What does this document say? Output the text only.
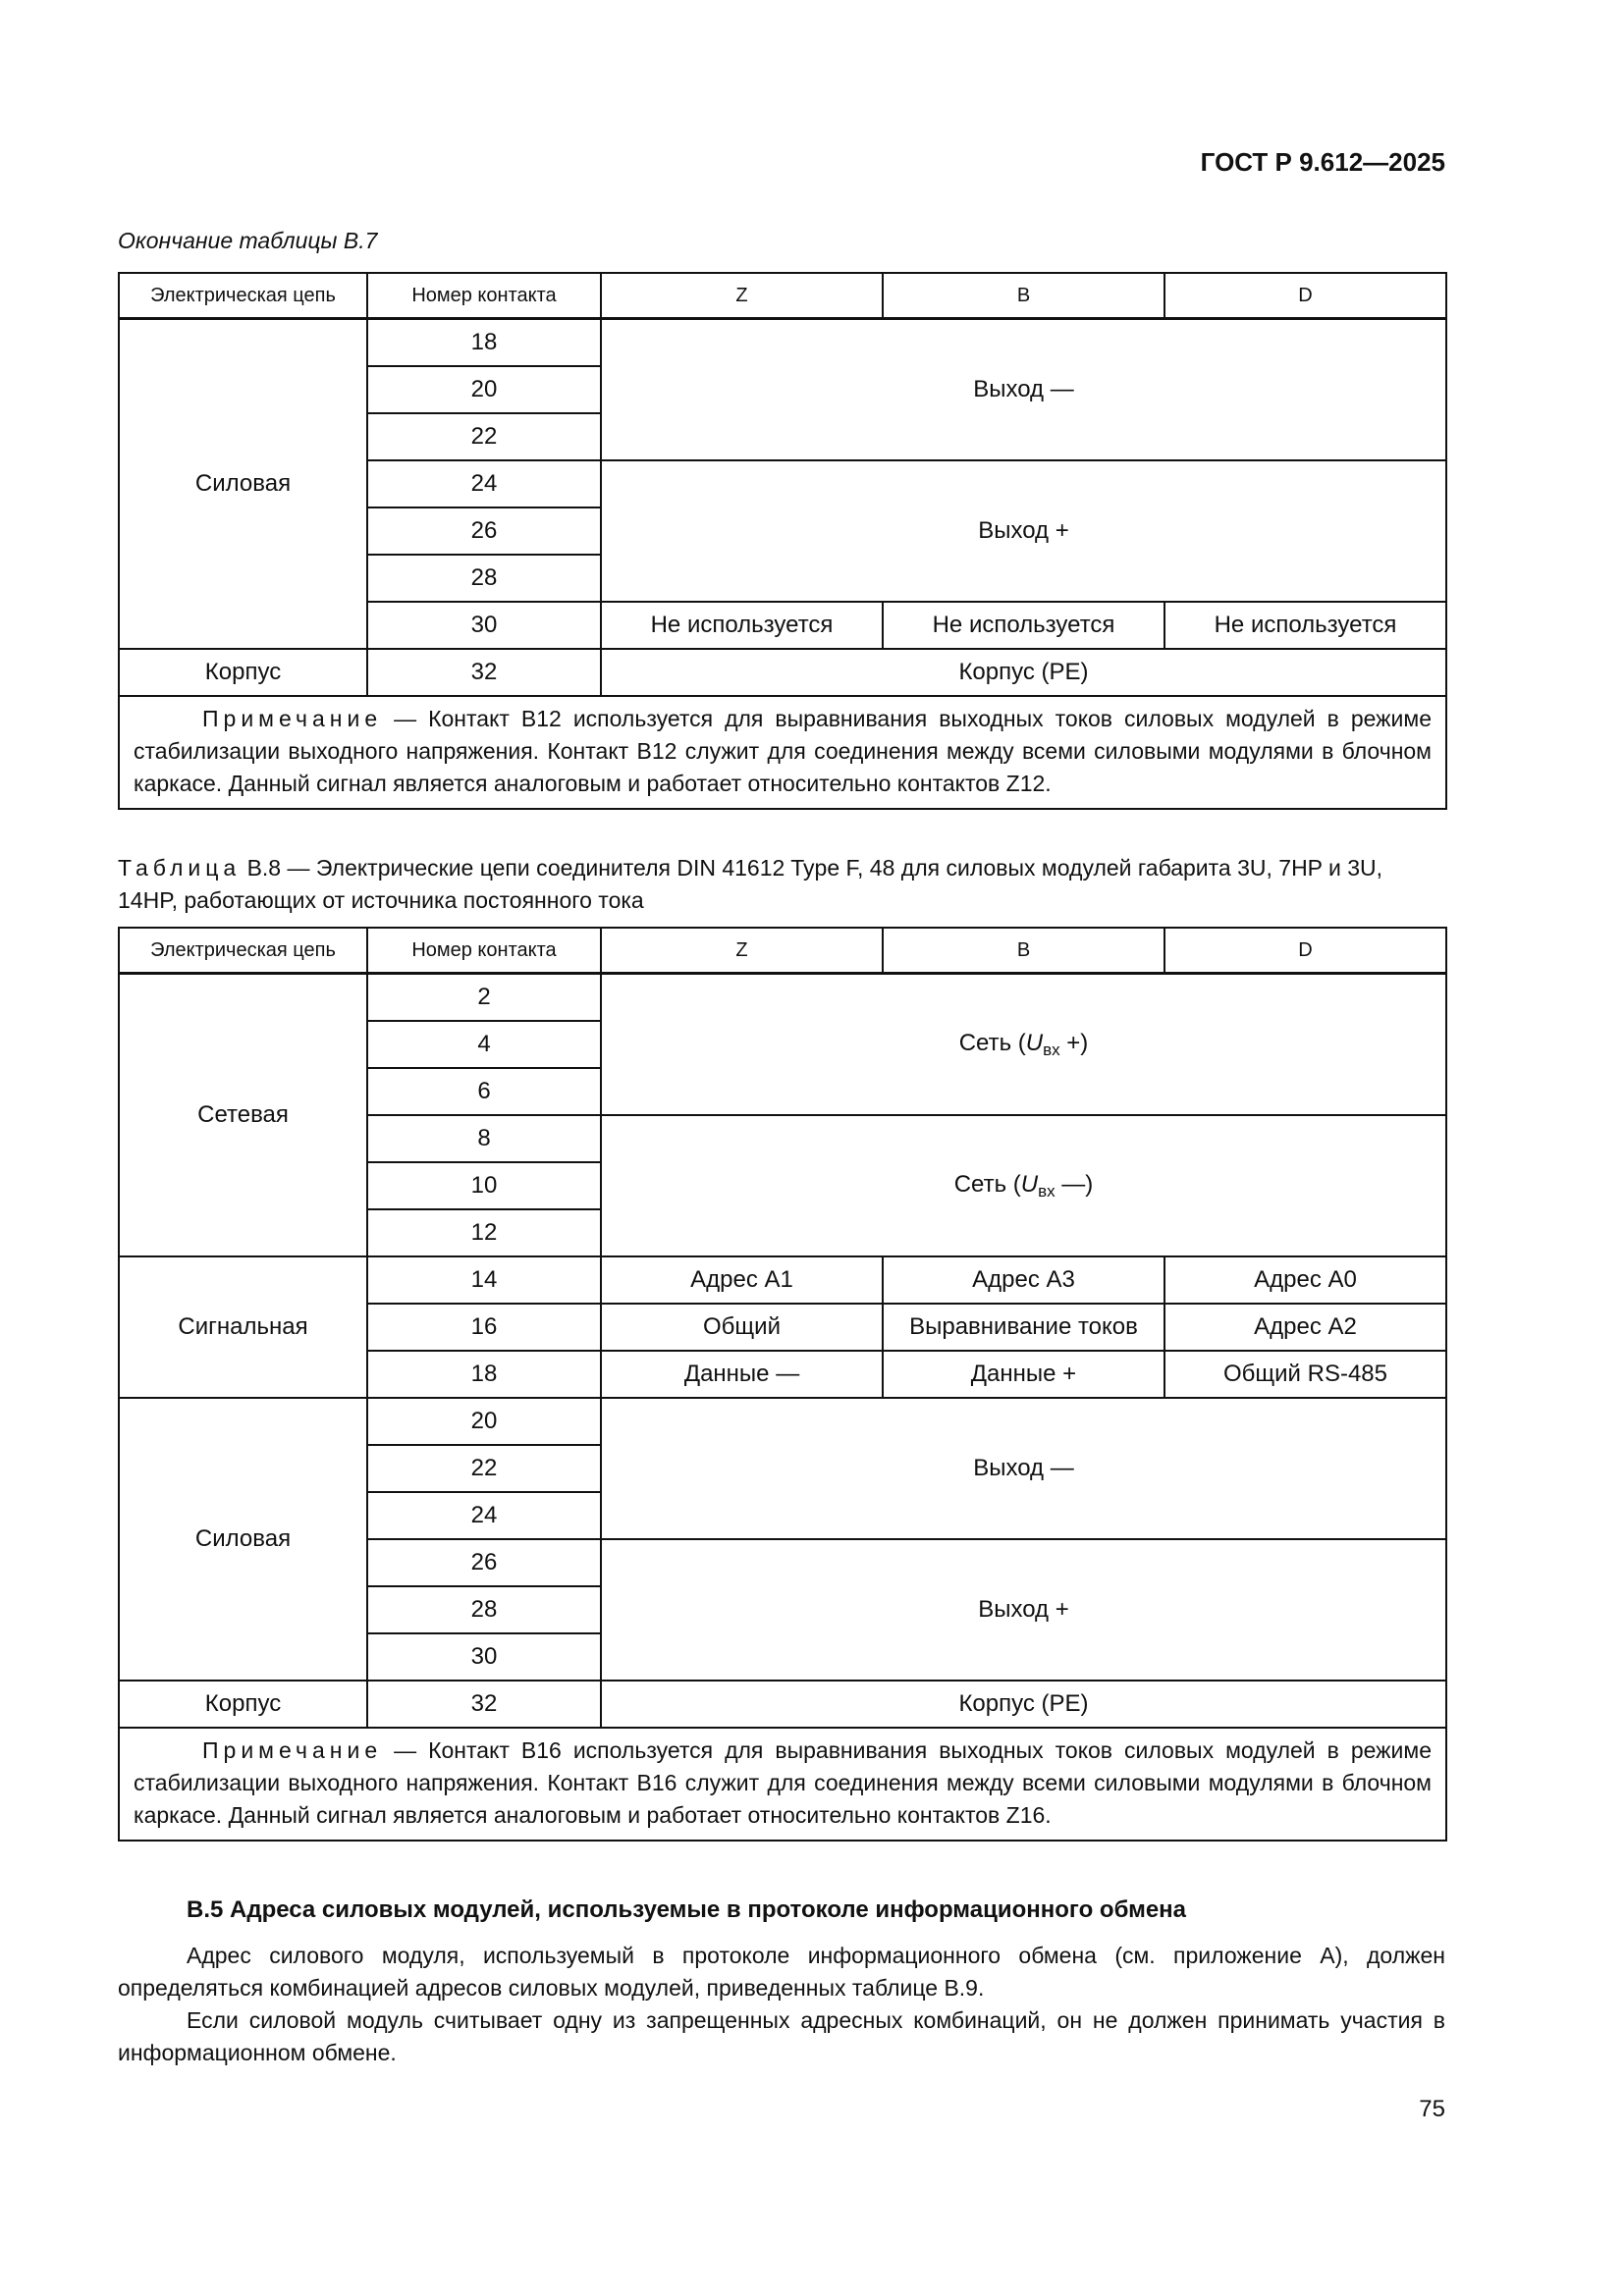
ГОСТ Р 9.612—2025
Окончание таблицы В.7
Электрическая цепь	Номер контакта	Z	B	D
Силовая	18	Выход —		
	20			
	22			
	24	Выход +		
	26			
	28			
	30	Не используется	Не используется	Не используется
Корпус	32	Корпус (PE)		
Примечание — Контакт В12 используется для выравнивания выходных токов силовых модулей в режиме стабилизации выходного напряжения. Контакт В12 служит для соединения между всеми силовыми модулями в блочном каркасе. Данный сигнал является аналоговым и работает относительно контактов Z12.				
Таблица В.8 — Электрические цепи соединителя DIN 41612 Type F, 48 для силовых модулей габарита 3U, 7HP и 3U, 14HP, работающих от источника постоянного тока
Электрическая цепь	Номер контакта	Z	B	D
Сетевая	2	Сеть ($U_{вх}$ +)		
	4			
	6			
	8	Сеть ($U_{вх}$ —)		
	10			
	12			
Сигнальная	14	Адрес А1	Адрес А3	Адрес А0
	16	Общий	Выравнивание токов	Адрес А2
	18	Данные —	Данные +	Общий RS-485
Силовая	20	Выход —		
	22			
	24			
	26	Выход +		
	28			
	30			
Корпус	32	Корпус (PE)		
Примечание — Контакт В16 используется для выравнивания выходных токов силовых модулей в режиме стабилизации выходного напряжения. Контакт В16 служит для соединения между всеми силовыми модулями в блочном каркасе. Данный сигнал является аналоговым и работает относительно контактов Z16.				
В.5 Адреса силовых модулей, используемые в протоколе информационного обмена
Адрес силового модуля, используемый в протоколе информационного обмена (см. приложение А), должен определяться комбинацией адресов силовых модулей, приведенных таблице В.9.
Если силовой модуль считывает одну из запрещенных адресных комбинаций, он не должен принимать участия в информационном обмене.
75
